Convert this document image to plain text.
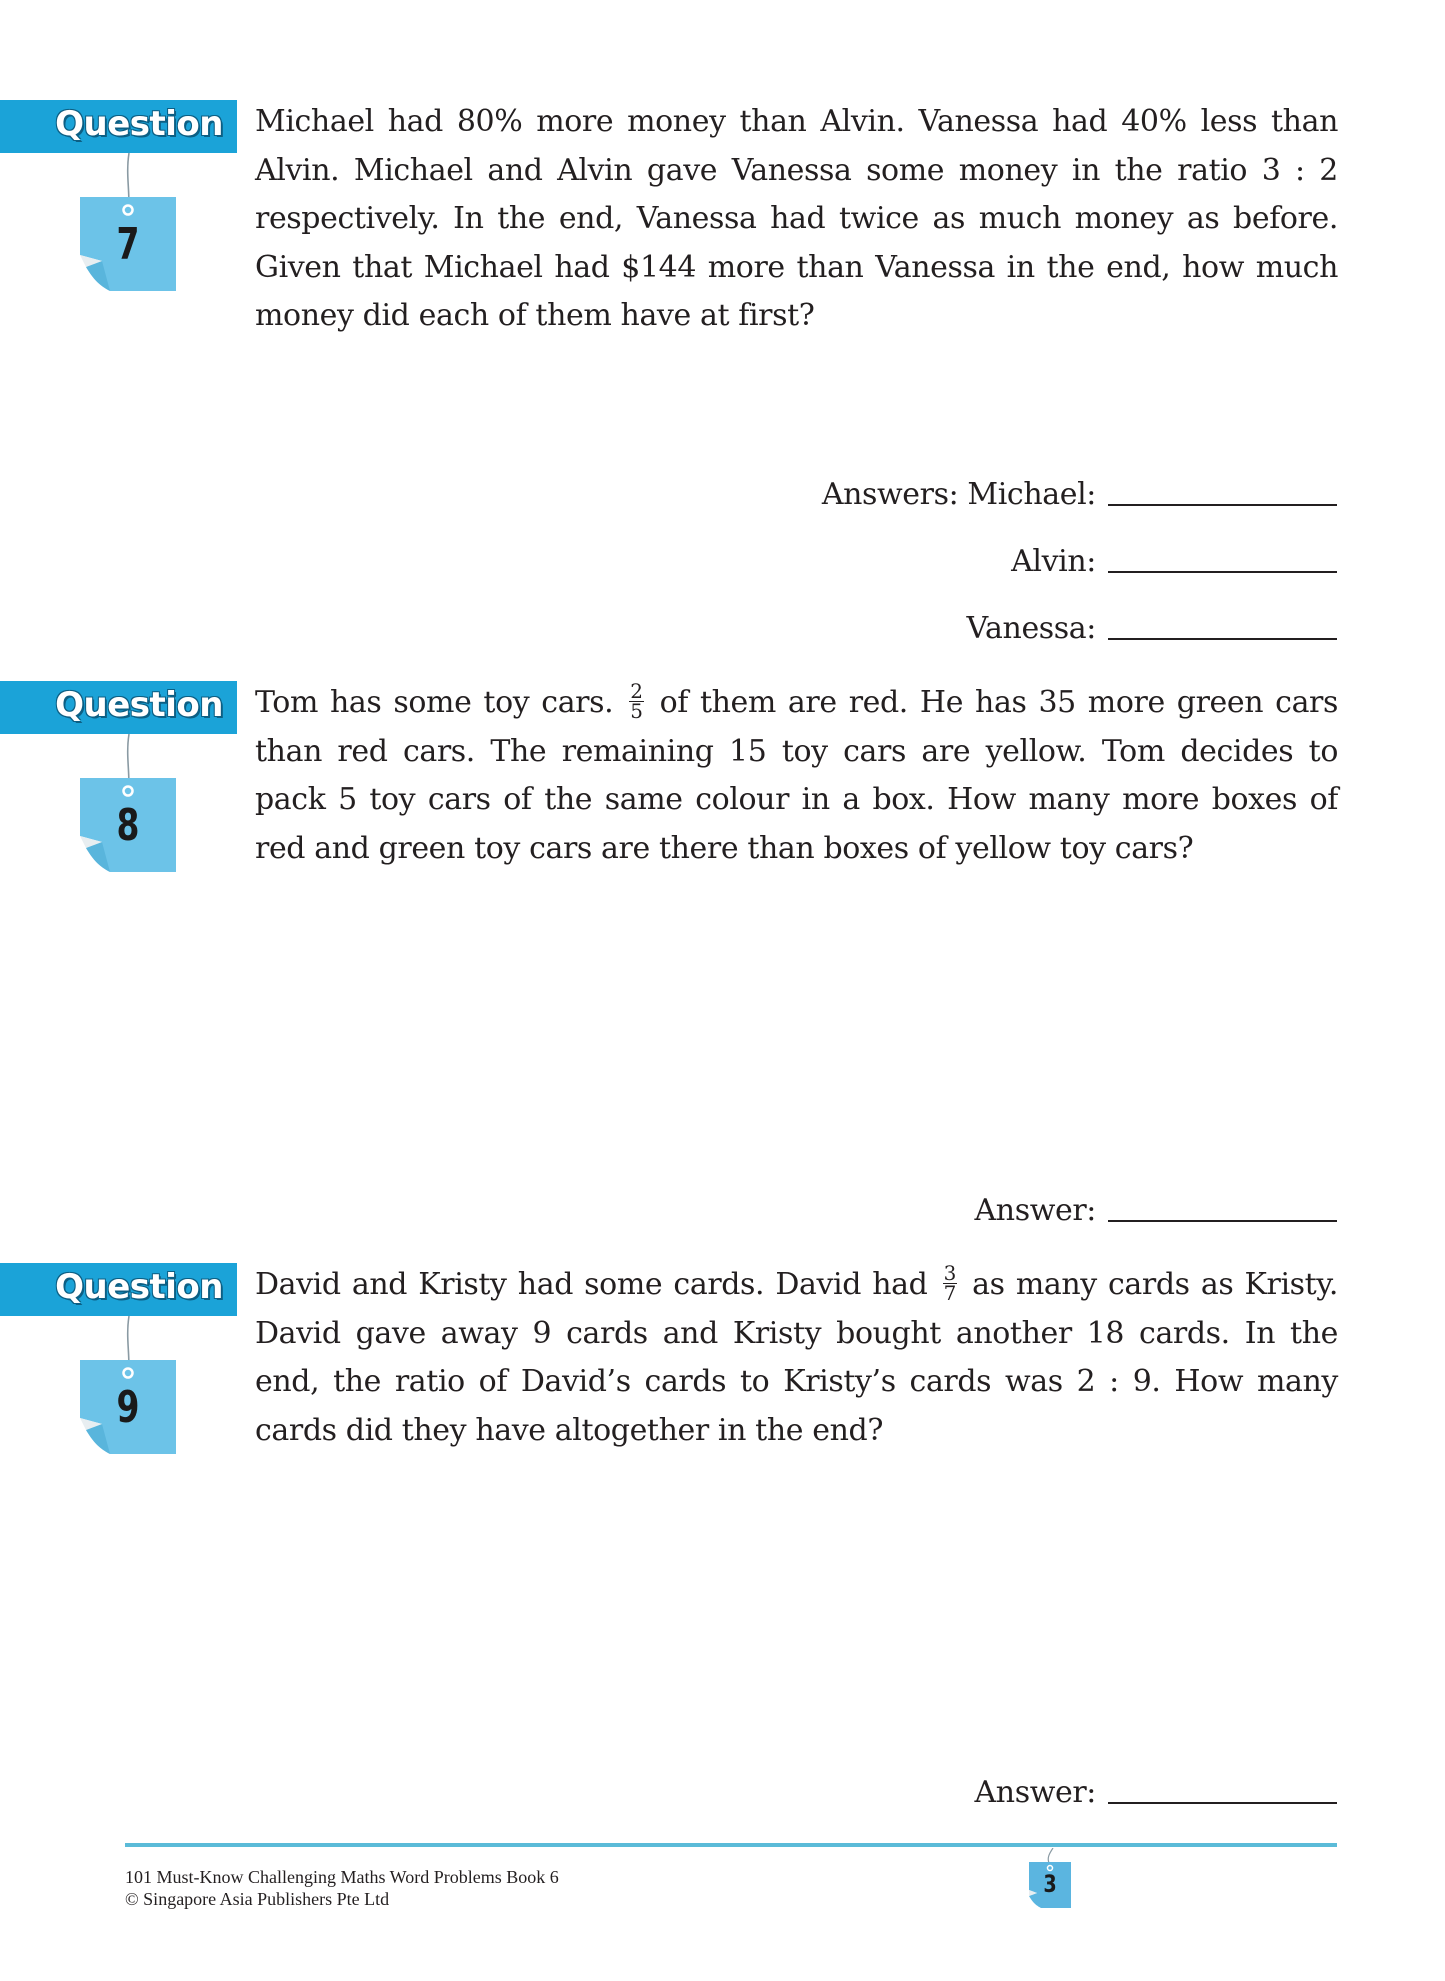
Question
7
Michael had 80% more money than Alvin. Vanessa had 40% less than Alvin. Michael and Alvin gave Vanessa some money in the ratio 3 : 2 respectively. In the end, Vanessa had twice as much money as before. Given that Michael had $144 more than Vanessa in the end, how much money did each of them have at first?
Answers: Michael:
Alvin:
Vanessa:
Question
8
Tom has some toy cars. $\frac{2}{5}$ of them are red. He has 35 more green cars than red cars. The remaining 15 toy cars are yellow. Tom decides to pack 5 toy cars of the same colour in a box. How many more boxes of red and green toy cars are there than boxes of yellow toy cars?
Answer:
Question
9
David and Kristy had some cards. David had $\frac{3}{7}$ as many cards as Kristy. David gave away 9 cards and Kristy bought another 18 cards. In the end, the ratio of David’s cards to Kristy’s cards was 2 : 9. How many cards did they have altogether in the end?
Answer:
101 Must-Know Challenging Maths Word Problems Book 6
© Singapore Asia Publishers Pte Ltd
3
